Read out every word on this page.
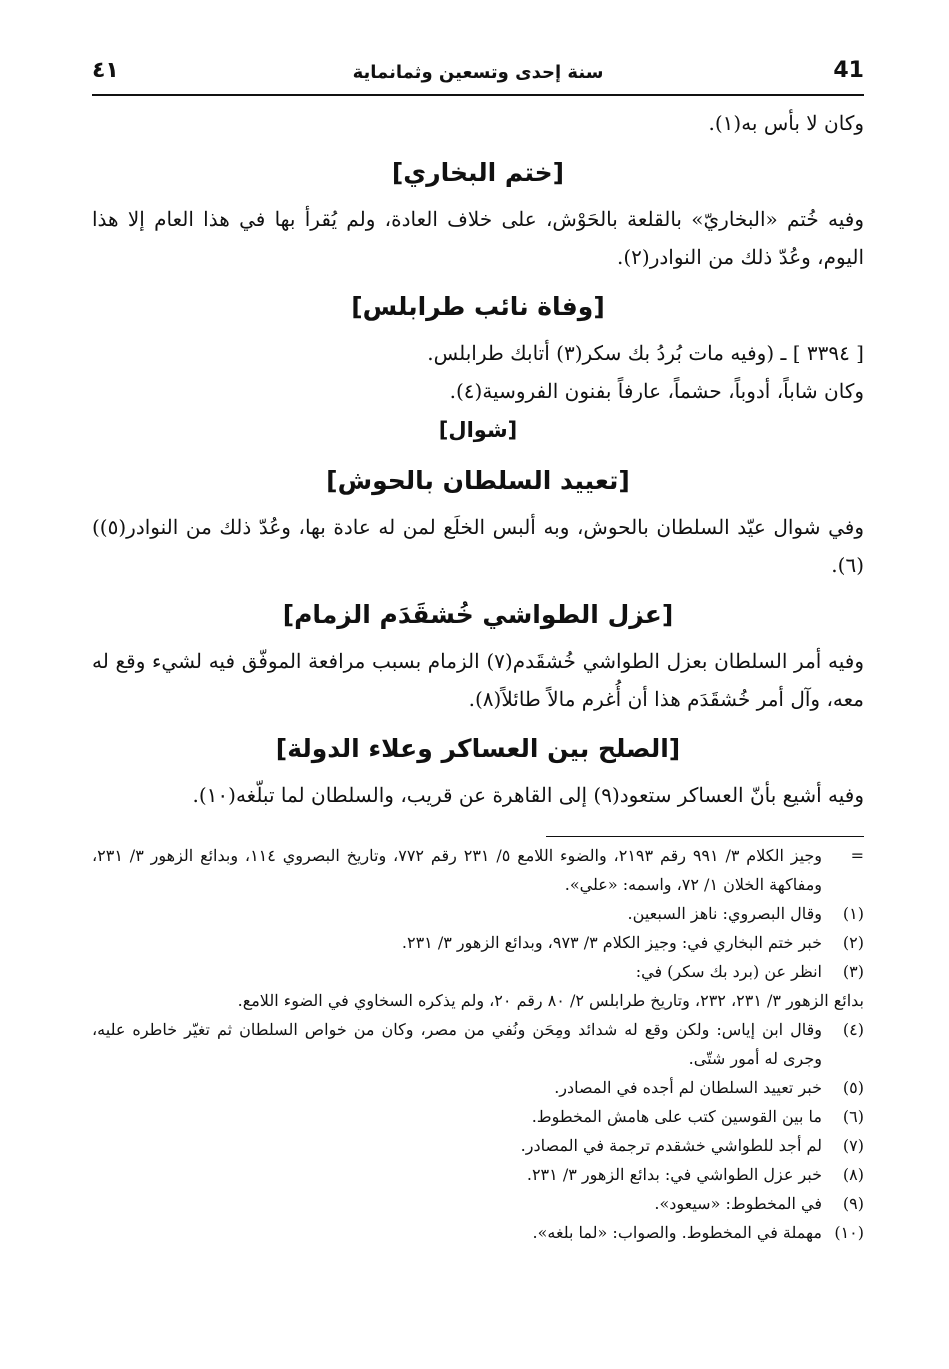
41
سنة إحدى وتسعين وثمانماية
٤١

وكان لا بأس به(١).

[ختم البخاري]

وفيه خُتم «البخاريّ» بالقلعة بالحَوْش، على خلاف العادة، ولم يُقرأ بها في هذا العام إلا هذا اليوم، وعُدّ ذلك من النوادر(٢).

[وفاة نائب طرابلس]

[ ٣٣٩٤ ] ـ (وفيه مات بُردُ بك سكر(٣) أتابك طرابلس.

وكان شاباً، أدوباً، حشماً، عارفاً بفنون الفروسية(٤).

[شوال]
[تعييد السلطان بالحوش]

وفي شوال عيّد السلطان بالحوش، وبه ألبس الخلَع لمن له عادة بها، وعُدّ ذلك من النوادر(٥))(٦).

[عزل الطواشي خُشقَدَم الزمام]

وفيه أمر السلطان بعزل الطواشي خُشقَدم(٧) الزمام بسبب مرافعة الموفّق فيه لشيء وقع له معه، وآل أمر خُشقَدَم هذا أن أُغرم مالاً طائلاً(٨).

[الصلح بين العساكر وعلاء الدولة]

وفيه أشيع بأنّ العساكر ستعود(٩) إلى القاهرة عن قريب، والسلطان لما تبلّغه(١٠).

=
وجيز الكلام ٣/ ٩٩١ رقم ٢١٩٣، والضوء اللامع ٥/ ٢٣١ رقم ٧٧٢، وتاريخ البصروي ١١٤، وبدائع الزهور ٣/ ٢٣١، ومفاكهة الخلان ١/ ٧٢، واسمه: «علي».
(١)
وقال البصروي: ناهز السبعين.
(٢)
خبر ختم البخاري في: وجيز الكلام ٣/ ٩٧٣، وبدائع الزهور ٣/ ٢٣١.
(٣)
انظر عن (برد بك سكر) في:
بدائع الزهور ٣/ ٢٣١، ٢٣٢، وتاريخ طرابلس ٢/ ٨٠ رقم ٢٠، ولم يذكره السخاوي في الضوء اللامع.
(٤)
وقال ابن إياس: ولكن وقع له شدائد ومِحَن ونُفي من مصر، وكان من خواص السلطان ثم تغيّر خاطره عليه، وجرى له أمور شتّى.
(٥)
خبر تعييد السلطان لم أجده في المصادر.
(٦)
ما بين القوسين كتب على هامش المخطوط.
(٧)
لم أجد للطواشي خشقدم ترجمة في المصادر.
(٨)
خبر عزل الطواشي في: بدائع الزهور ٣/ ٢٣١.
(٩)
في المخطوط: «سيعود».
(١٠)
مهملة في المخطوط. والصواب: «لما بلغه».
